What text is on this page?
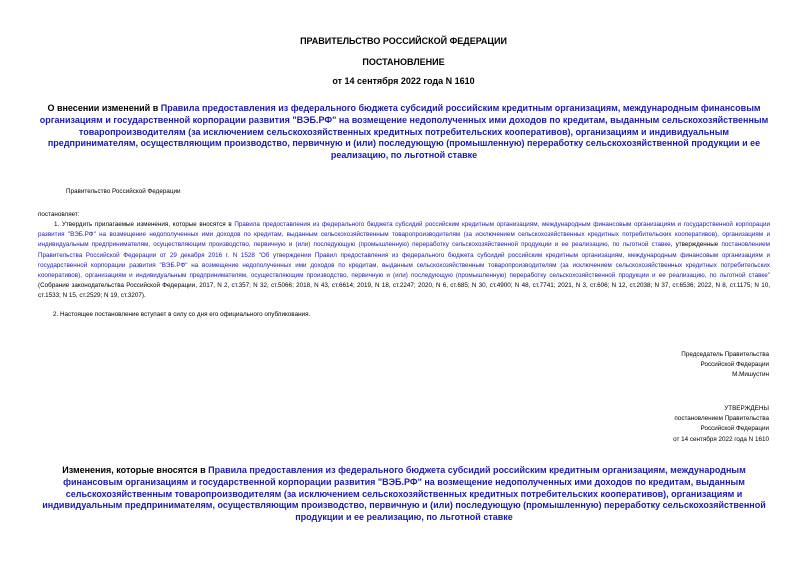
ПРАВИТЕЛЬСТВО РОССИЙСКОЙ ФЕДЕРАЦИИ
ПОСТАНОВЛЕНИЕ
от 14 сентября 2022 года N 1610
О внесении изменений в Правила предоставления из федерального бюджета субсидий российским кредитным организациям, международным финансовым организациям и государственной корпорации развития "ВЭБ.РФ" на возмещение недополученных ими доходов по кредитам, выданным сельскохозяйственным товаропроизводителям (за исключением сельскохозяйственных кредитных потребительских кооперативов), организациям и индивидуальным предпринимателям, осуществляющим производство, первичную и (или) последующую (промышленную) переработку сельскохозяйственной продукции и ее реализацию, по льготной ставке
Правительство Российской Федерации
постановляет:
1. Утвердить прилагаемые изменения, которые вносятся в Правила предоставления из федерального бюджета субсидий российским кредитным организациям, международным финансовым организациям и государственной корпорации развития "ВЭБ.РФ" на возмещение недополученных ими доходов по кредитам, выданным сельскохозяйственным товаропроизводителям (за исключением сельскохозяйственных кредитных потребительских кооперативов), организациям и индивидуальным предпринимателям, осуществляющим производство, первичную и (или) последующую (промышленную) переработку сельскохозяйственной продукции и ее реализацию, по льготной ставке, утвержденные постановлением Правительства Российской Федерации от 29 декабря 2016 г. N 1528 "Об утверждении Правил предоставления из федерального бюджета субсидий российским кредитным организациям, международным финансовым организациям и государственной корпорации развития "ВЭБ.РФ" на возмещение недополученных ими доходов по кредитам, выданным сельскохозяйственным товаропроизводителям (за исключением сельскохозяйственных кредитных потребительских кооперативов), организациям и индивидуальным предпринимателям, осуществляющим производство, первичную и (или) последующую (промышленную) переработку сельскохозяйственной продукции и ее реализацию, по льготной ставке" (Собрание законодательства Российской Федерации, 2017, N 2, ст.357; N 32, ст.5066; 2018, N 43, ст.6614; 2019, N 18, ст.2247; 2020, N 6, ст.685; N 30, ст.4900; N 48, ст.7741; 2021, N 3, ст.606; N 12, ст.2038; N 37, ст.6536; 2022, N 8, ст.1175; N 10, ст.1533; N 15, ст.2529; N 19, ст.3207).
2. Настоящее постановление вступает в силу со дня его официального опубликования.
Председатель Правительства
Российской Федерации
М.Мишустин
УТВЕРЖДЕНЫ
постановлением Правительства
Российской Федерации
от 14 сентября 2022 года N 1610
Изменения, которые вносятся в Правила предоставления из федерального бюджета субсидий российским кредитным организациям, международным финансовым организациям и государственной корпорации развития "ВЭБ.РФ" на возмещение недополученных ими доходов по кредитам, выданным сельскохозяйственным товаропроизводителям (за исключением сельскохозяйственных кредитных потребительских кооперативов), организациям и индивидуальным предпринимателям, осуществляющим производство, первичную и (или) последующую (промышленную) переработку сельскохозяйственной продукции и ее реализацию, по льготной ставке
